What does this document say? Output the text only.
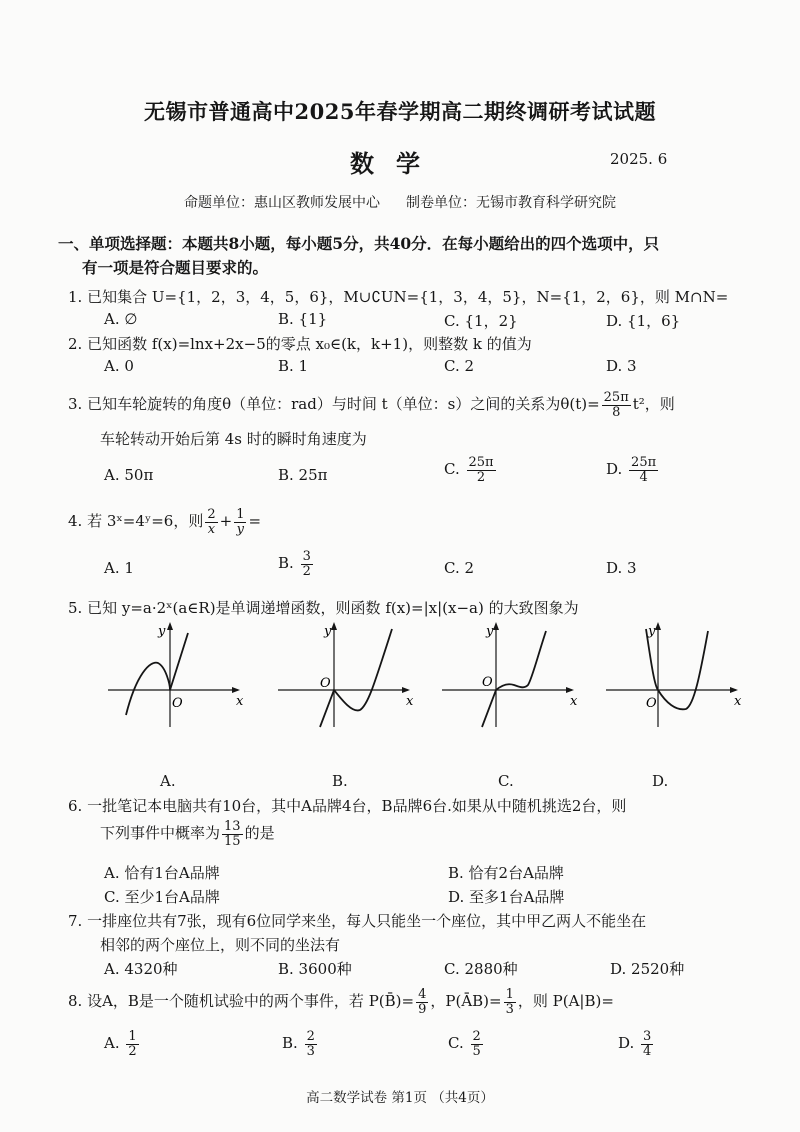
无锡市普通高中2025年春学期高二期终调研考试试题
数学	2025. 6
命题单位：惠山区教师发展中心 制卷单位：无锡市教育科学研究院
一、单项选择题：本题共8小题，每小题5分，共40分．在每小题给出的四个选项中，只
有一项是符合题目要求的。
1. 已知集合 U={1，2，3，4，5，6}，M∪∁UN={1，3，4，5}，N={1，2，6}，则 M∩N=
A. ∅	B. {1}	C. {1，2}	D. {1，6}
2. 已知函数 f(x)=lnx+2x−5的零点 x₀∈(k，k+1)，则整数 k 的值为
A. 0	B. 1	C. 2	D. 3
3. 已知车轮旋转的角度θ（单位：rad）与时间 t（单位：s）之间的关系为$\theta(t)= \frac{25\pi}{8} t^2$，则
车轮转动开始后第 4s 时的瞬时角速度为
A. 50π	B. 25π	C. $\frac{25\pi}{2}$	D. $\frac{25\pi}{4}$
4. 若 3ˣ=4ʸ=6，则 $\frac{2}{x} + \frac{1}{y}$ =
A. 1	B. $\frac{3}{2}$	C. 2	D. 3
5. 已知 y=a·2ˣ(a∈R)是单调递增函数，则函数 f(x)=|x|(x−a) 的大致图象为
y
x
O
y
x
O
y
x
O
y
x
O
A.	B.	C.	D.
6. 一批笔记本电脑共有10台，其中A品牌4台，B品牌6台.如果从中随机挑选2台，则
下列事件中概率为 $\frac{13}{15}$ 的是
A. 恰有1台A品牌	B. 恰有2台A品牌
C. 至少1台A品牌	D. 至多1台A品牌
7. 一排座位共有7张，现有6位同学来坐，每人只能坐一个座位，其中甲乙两人不能坐在
相邻的两个座位上，则不同的坐法有
A. 4320种	B. 3600种	C. 2880种	D. 2520种
8. 设A，B是一个随机试验中的两个事件，若 P(B̄)= $\frac{4}{9}$ ，P(ĀB)= $\frac{1}{3}$ ，则 P(A|B)=
A. $\frac{1}{2}$	B. $\frac{2}{3}$	C. $\frac{2}{5}$	D. $\frac{3}{4}$
高二数学试卷 第1页 （共4页）
